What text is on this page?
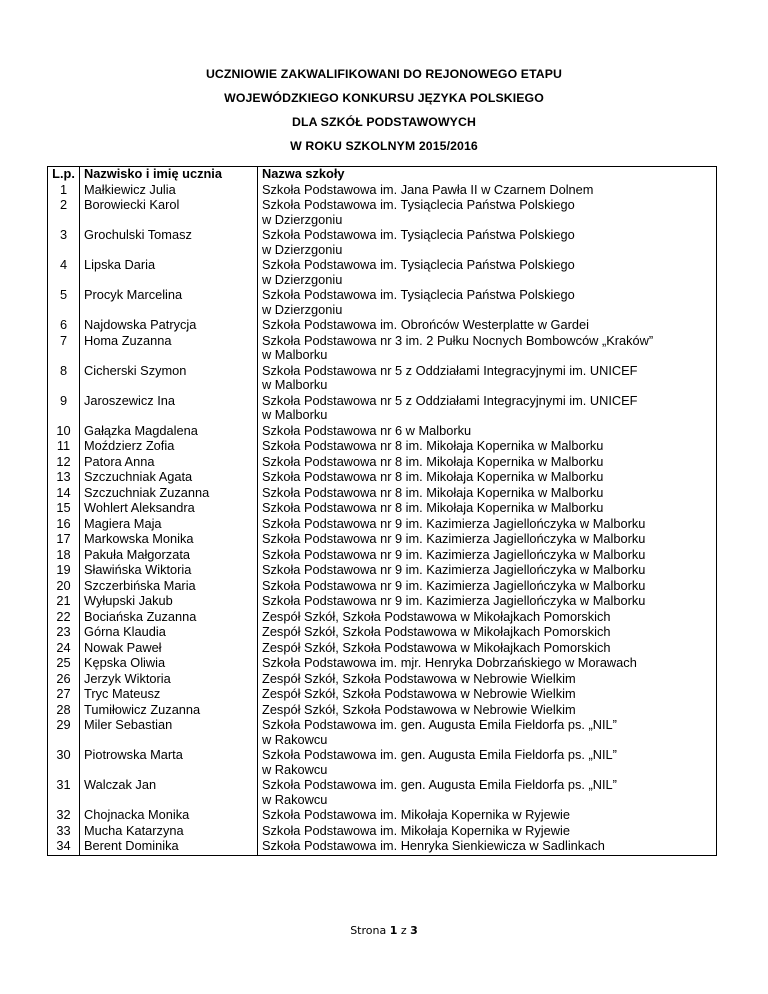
UCZNIOWIE ZAKWALIFIKOWANI DO REJONOWEGO ETAPU
WOJEWÓDZKIEGO KONKURSU JĘZYKA POLSKIEGO
DLA SZKÓŁ PODSTAWOWYCH
W ROKU SZKOLNYM 2015/2016
L.p.	Nazwisko i imię ucznia	Nazwa szkoły
1	Małkiewicz Julia	Szkoła Podstawowa im. Jana Pawła II w Czarnem Dolnem
2	Borowiecki Karol	Szkoła Podstawowa im. Tysiąclecia Państwa Polskiego
w Dzierzgoniu
3	Grochulski Tomasz	Szkoła Podstawowa im. Tysiąclecia Państwa Polskiego
w Dzierzgoniu
4	Lipska Daria	Szkoła Podstawowa im. Tysiąclecia Państwa Polskiego
w Dzierzgoniu
5	Procyk Marcelina	Szkoła Podstawowa im. Tysiąclecia Państwa Polskiego
w Dzierzgoniu
6	Najdowska Patrycja	Szkoła Podstawowa im. Obrońców Westerplatte w Gardei
7	Homa Zuzanna	Szkoła Podstawowa nr 3 im. 2 Pułku Nocnych Bombowców „Kraków”
w Malborku
8	Cicherski Szymon	Szkoła Podstawowa nr 5 z Oddziałami Integracyjnymi im. UNICEF
w Malborku
9	Jaroszewicz Ina	Szkoła Podstawowa nr 5 z Oddziałami Integracyjnymi im. UNICEF
w Malborku
10	Gałązka Magdalena	Szkoła Podstawowa nr 6 w Malborku
11	Moździerz Zofia	Szkoła Podstawowa nr 8 im. Mikołaja Kopernika w Malborku
12	Patora Anna	Szkoła Podstawowa nr 8 im. Mikołaja Kopernika w Malborku
13	Szczuchniak Agata	Szkoła Podstawowa nr 8 im. Mikołaja Kopernika w Malborku
14	Szczuchniak Zuzanna	Szkoła Podstawowa nr 8 im. Mikołaja Kopernika w Malborku
15	Wohlert Aleksandra	Szkoła Podstawowa nr 8 im. Mikołaja Kopernika w Malborku
16	Magiera Maja	Szkoła Podstawowa nr 9 im. Kazimierza Jagiellończyka w Malborku
17	Markowska Monika	Szkoła Podstawowa nr 9 im. Kazimierza Jagiellończyka w Malborku
18	Pakuła Małgorzata	Szkoła Podstawowa nr 9 im. Kazimierza Jagiellończyka w Malborku
19	Sławińska Wiktoria	Szkoła Podstawowa nr 9 im. Kazimierza Jagiellończyka w Malborku
20	Szczerbińska Maria	Szkoła Podstawowa nr 9 im. Kazimierza Jagiellończyka w Malborku
21	Wyłupski Jakub	Szkoła Podstawowa nr 9 im. Kazimierza Jagiellończyka w Malborku
22	Bociańska Zuzanna	Zespół Szkół, Szkoła Podstawowa w Mikołajkach Pomorskich
23	Górna Klaudia	Zespół Szkół, Szkoła Podstawowa w Mikołajkach Pomorskich
24	Nowak Paweł	Zespół Szkół, Szkoła Podstawowa w Mikołajkach Pomorskich
25	Kępska Oliwia	Szkoła Podstawowa im. mjr. Henryka Dobrzańskiego w Morawach
26	Jerzyk Wiktoria	Zespół Szkół, Szkoła Podstawowa w Nebrowie Wielkim
27	Tryc Mateusz	Zespół Szkół, Szkoła Podstawowa w Nebrowie Wielkim
28	Tumiłowicz Zuzanna	Zespół Szkół, Szkoła Podstawowa w Nebrowie Wielkim
29	Miler Sebastian	Szkoła Podstawowa im. gen. Augusta Emila Fieldorfa ps. „NIL”
w Rakowcu
30	Piotrowska Marta	Szkoła Podstawowa im. gen. Augusta Emila Fieldorfa ps. „NIL”
w Rakowcu
31	Walczak Jan	Szkoła Podstawowa im. gen. Augusta Emila Fieldorfa ps. „NIL”
w Rakowcu
32	Chojnacka Monika	Szkoła Podstawowa im. Mikołaja Kopernika w Ryjewie
33	Mucha Katarzyna	Szkoła Podstawowa im. Mikołaja Kopernika w Ryjewie
34	Berent Dominika	Szkoła Podstawowa im. Henryka Sienkiewicza w Sadlinkach
Strona 1 z 3
